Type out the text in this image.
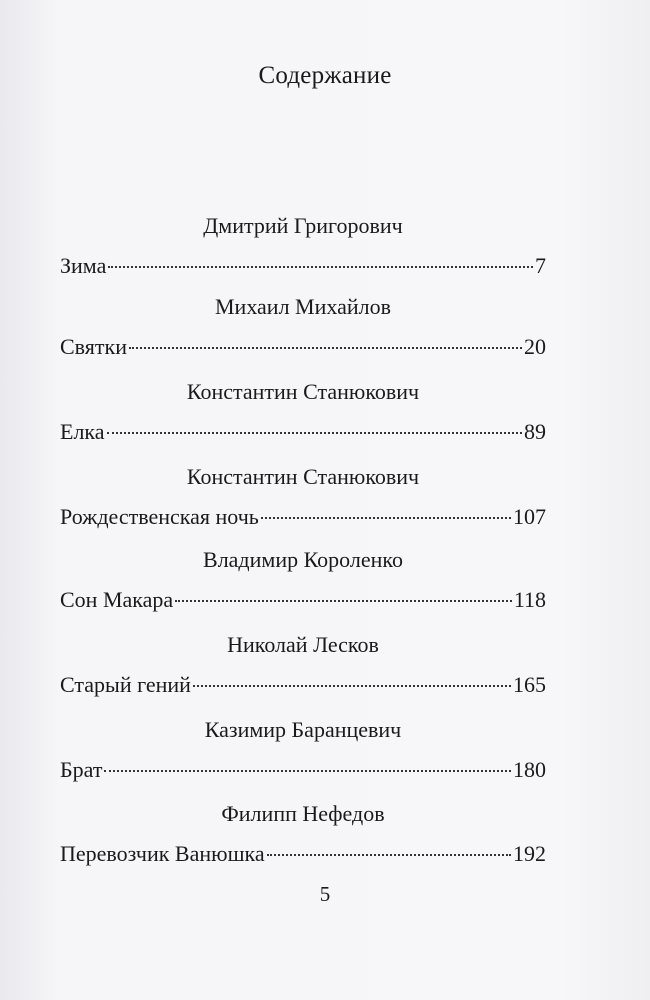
Содержание
Дмитрий Григорович
Зима	7
Михаил Михайлов
Святки	20
Константин Станюкович
Елка	89
Константин Станюкович
Рождественская ночь	107
Владимир Короленко
Сон Макара	118
Николай Лесков
Старый гений	165
Казимир Баранцевич
Брат	180
Филипп Нефедов
Перевозчик Ванюшка	192
5
